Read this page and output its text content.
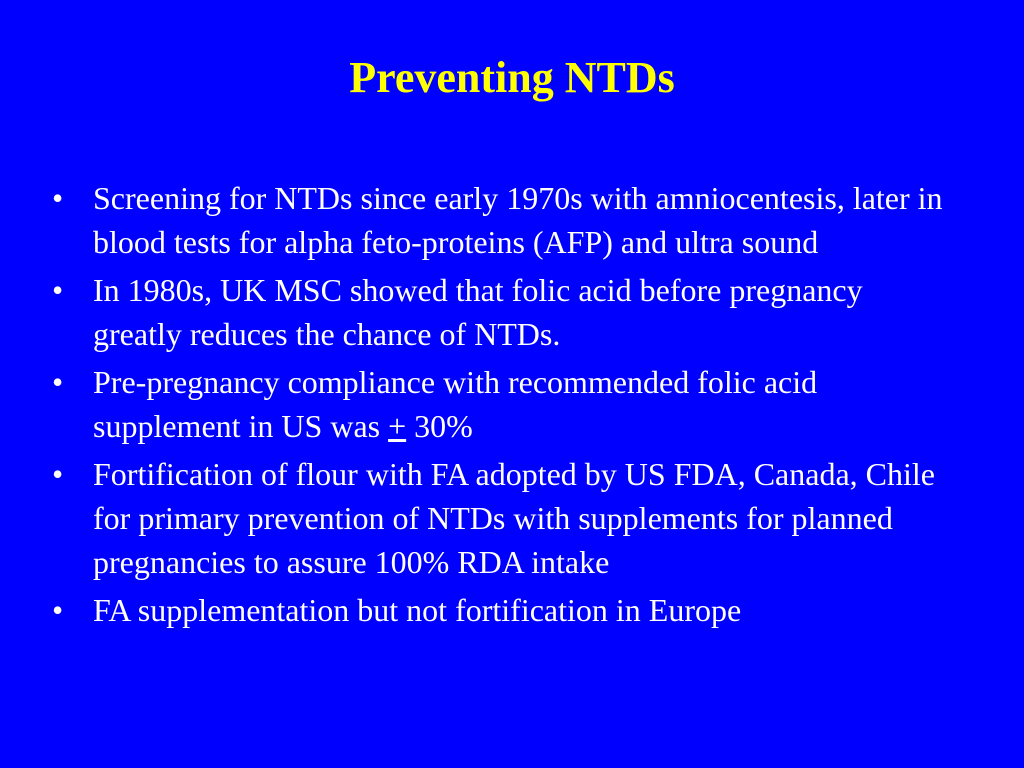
Preventing NTDs
• Screening for NTDs since early 1970s with amniocentesis, later in blood tests for alpha feto-proteins (AFP) and ultra sound
• In 1980s, UK MSC showed that folic acid before pregnancy greatly reduces the chance of NTDs.
• Pre-pregnancy compliance with recommended folic acid supplement in US was + 30%
• Fortification of flour with FA adopted by US FDA, Canada, Chile for primary prevention of NTDs with supplements for planned pregnancies to assure 100% RDA intake
• FA supplementation but not fortification in Europe
